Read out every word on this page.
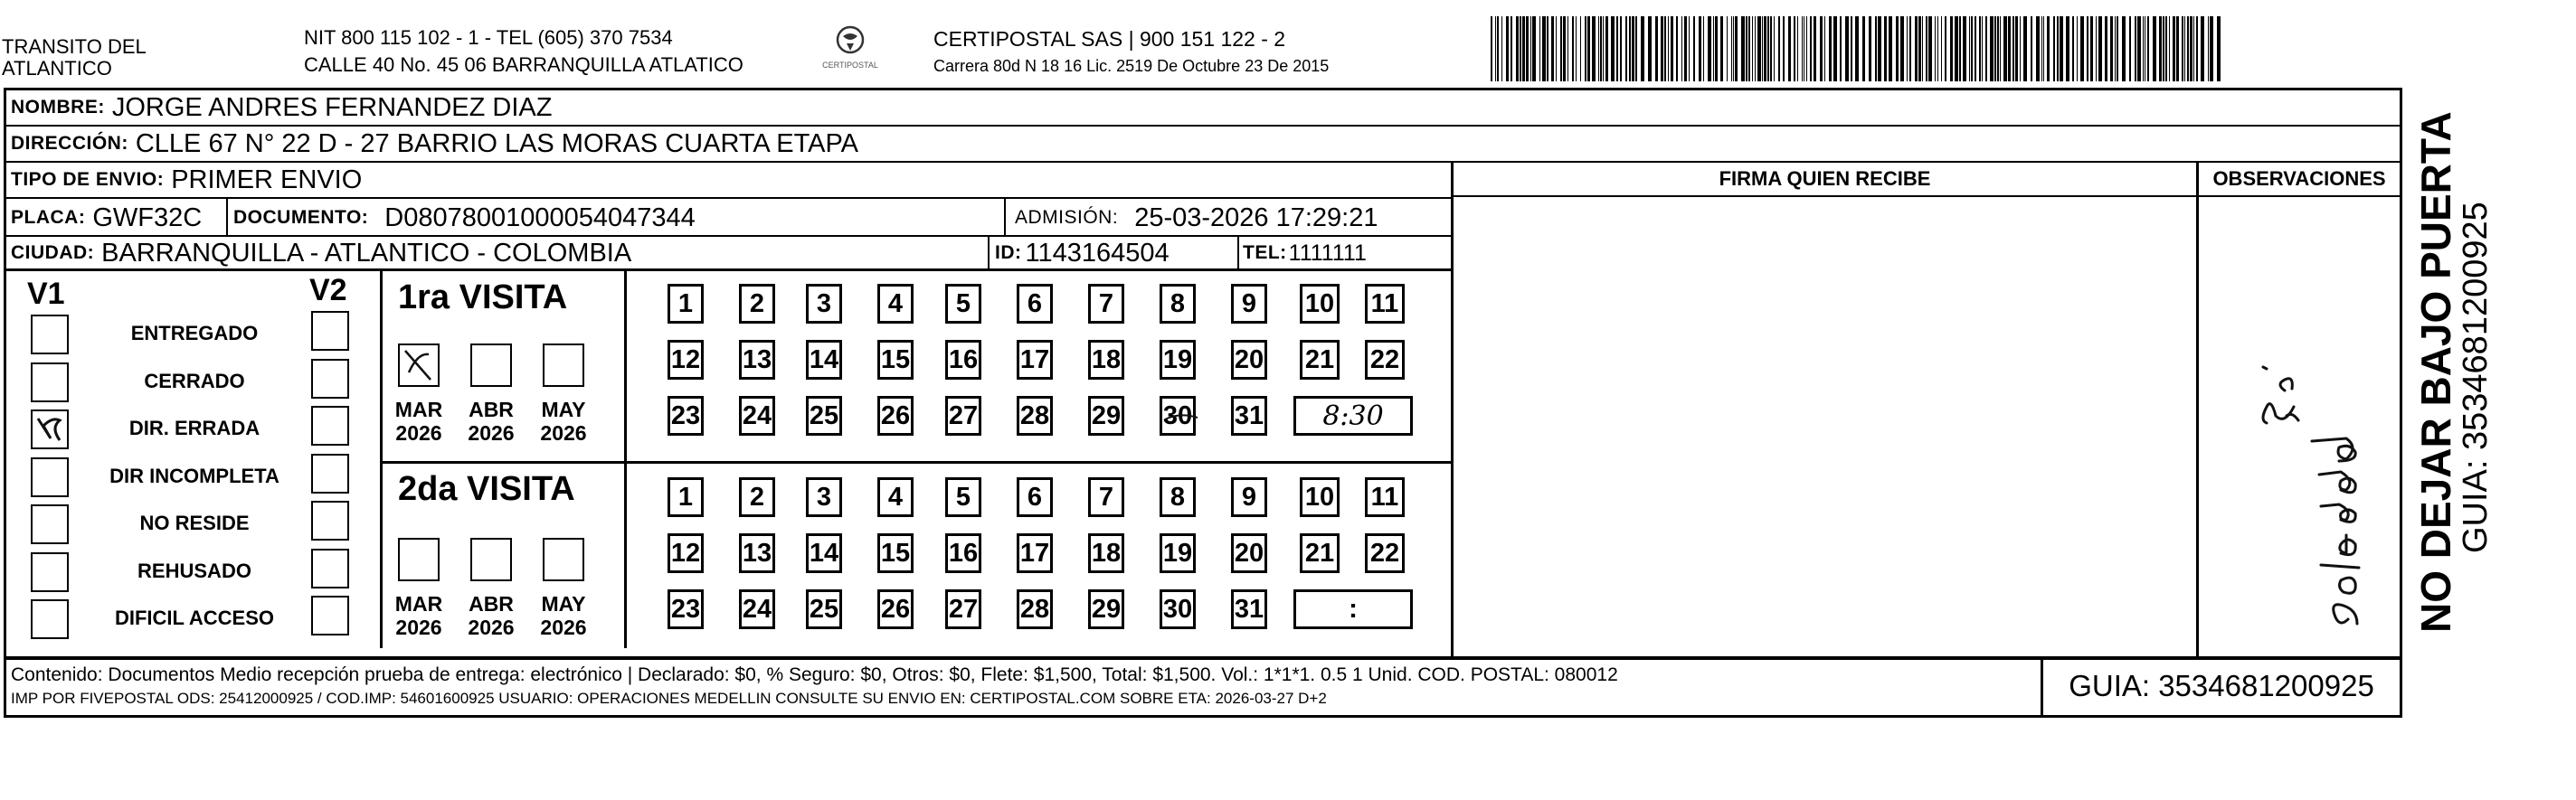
TRANSITO DEL
ATLANTICO
NIT 800 115 102 - 1 - TEL (605) 370 7534
CALLE 40 No. 45 06 BARRANQUILLA ATLATICO	CERTIPOSTAL
CERTIPOSTAL SAS | 900 151 122 - 2
Carrera 80d N 18 16 Lic. 2519 De Octubre 23 De 2015
NOMBRE: JORGE ANDRES FERNANDEZ DIAZ
DIRECCIÓN: CLLE 67 N° 22 D - 27 BARRIO LAS MORAS CUARTA ETAPA
TIPO DE ENVIO: PRIMER ENVIO
PLACA: GWF32C DOCUMENTO: D08078001000054047344	ADMISIÓN: 25-03-2026 17:29:21
CIUDAD: BARRANQUILLA - ATLANTICO - COLOMBIA	ID: 1143164504	TEL: 1111111
FIRMA QUIEN RECIBE	OBSERVACIONES
V1	V2
ENTREGADO
CERRADO
DIR. ERRADA
DIR INCOMPLETA
NO RESIDE
REHUSADO
DIFICIL ACCESO
1ra VISITA
2da VISITA
MAR
2026
ABR
2026
MAY
2026
MAR
2026
ABR
2026
MAY
2026
1	2	3	4	5	6	7	8	9	10 11
12 13 14 15 16 17 18 19 20 21 22
23 24 25 26 27 28 29 30 31	8:30
1	2	3	4	5	6	7	8	9	10 11
12 13 14 15 16 17 18 19 20 21 22
23 24 25 26 27 28 29 30 31	:
Contenido: Documentos Medio recepción prueba de entrega: electrónico | Declarado: $0, % Seguro: $0, Otros: $0, Flete: $1,500, Total: $1,500. Vol.: 1*1*1. 0.5 1 Unid. COD. POSTAL: 080012
IMP POR FIVEPOSTAL ODS: 25412000925 / COD.IMP: 54601600925 USUARIO: OPERACIONES MEDELLIN CONSULTE SU ENVIO EN: CERTIPOSTAL.COM SOBRE ETA: 2026-03-27 D+2	GUIA: 3534681200925
NO DEJAR BAJO PUERTA
GUIA: 3534681200925
